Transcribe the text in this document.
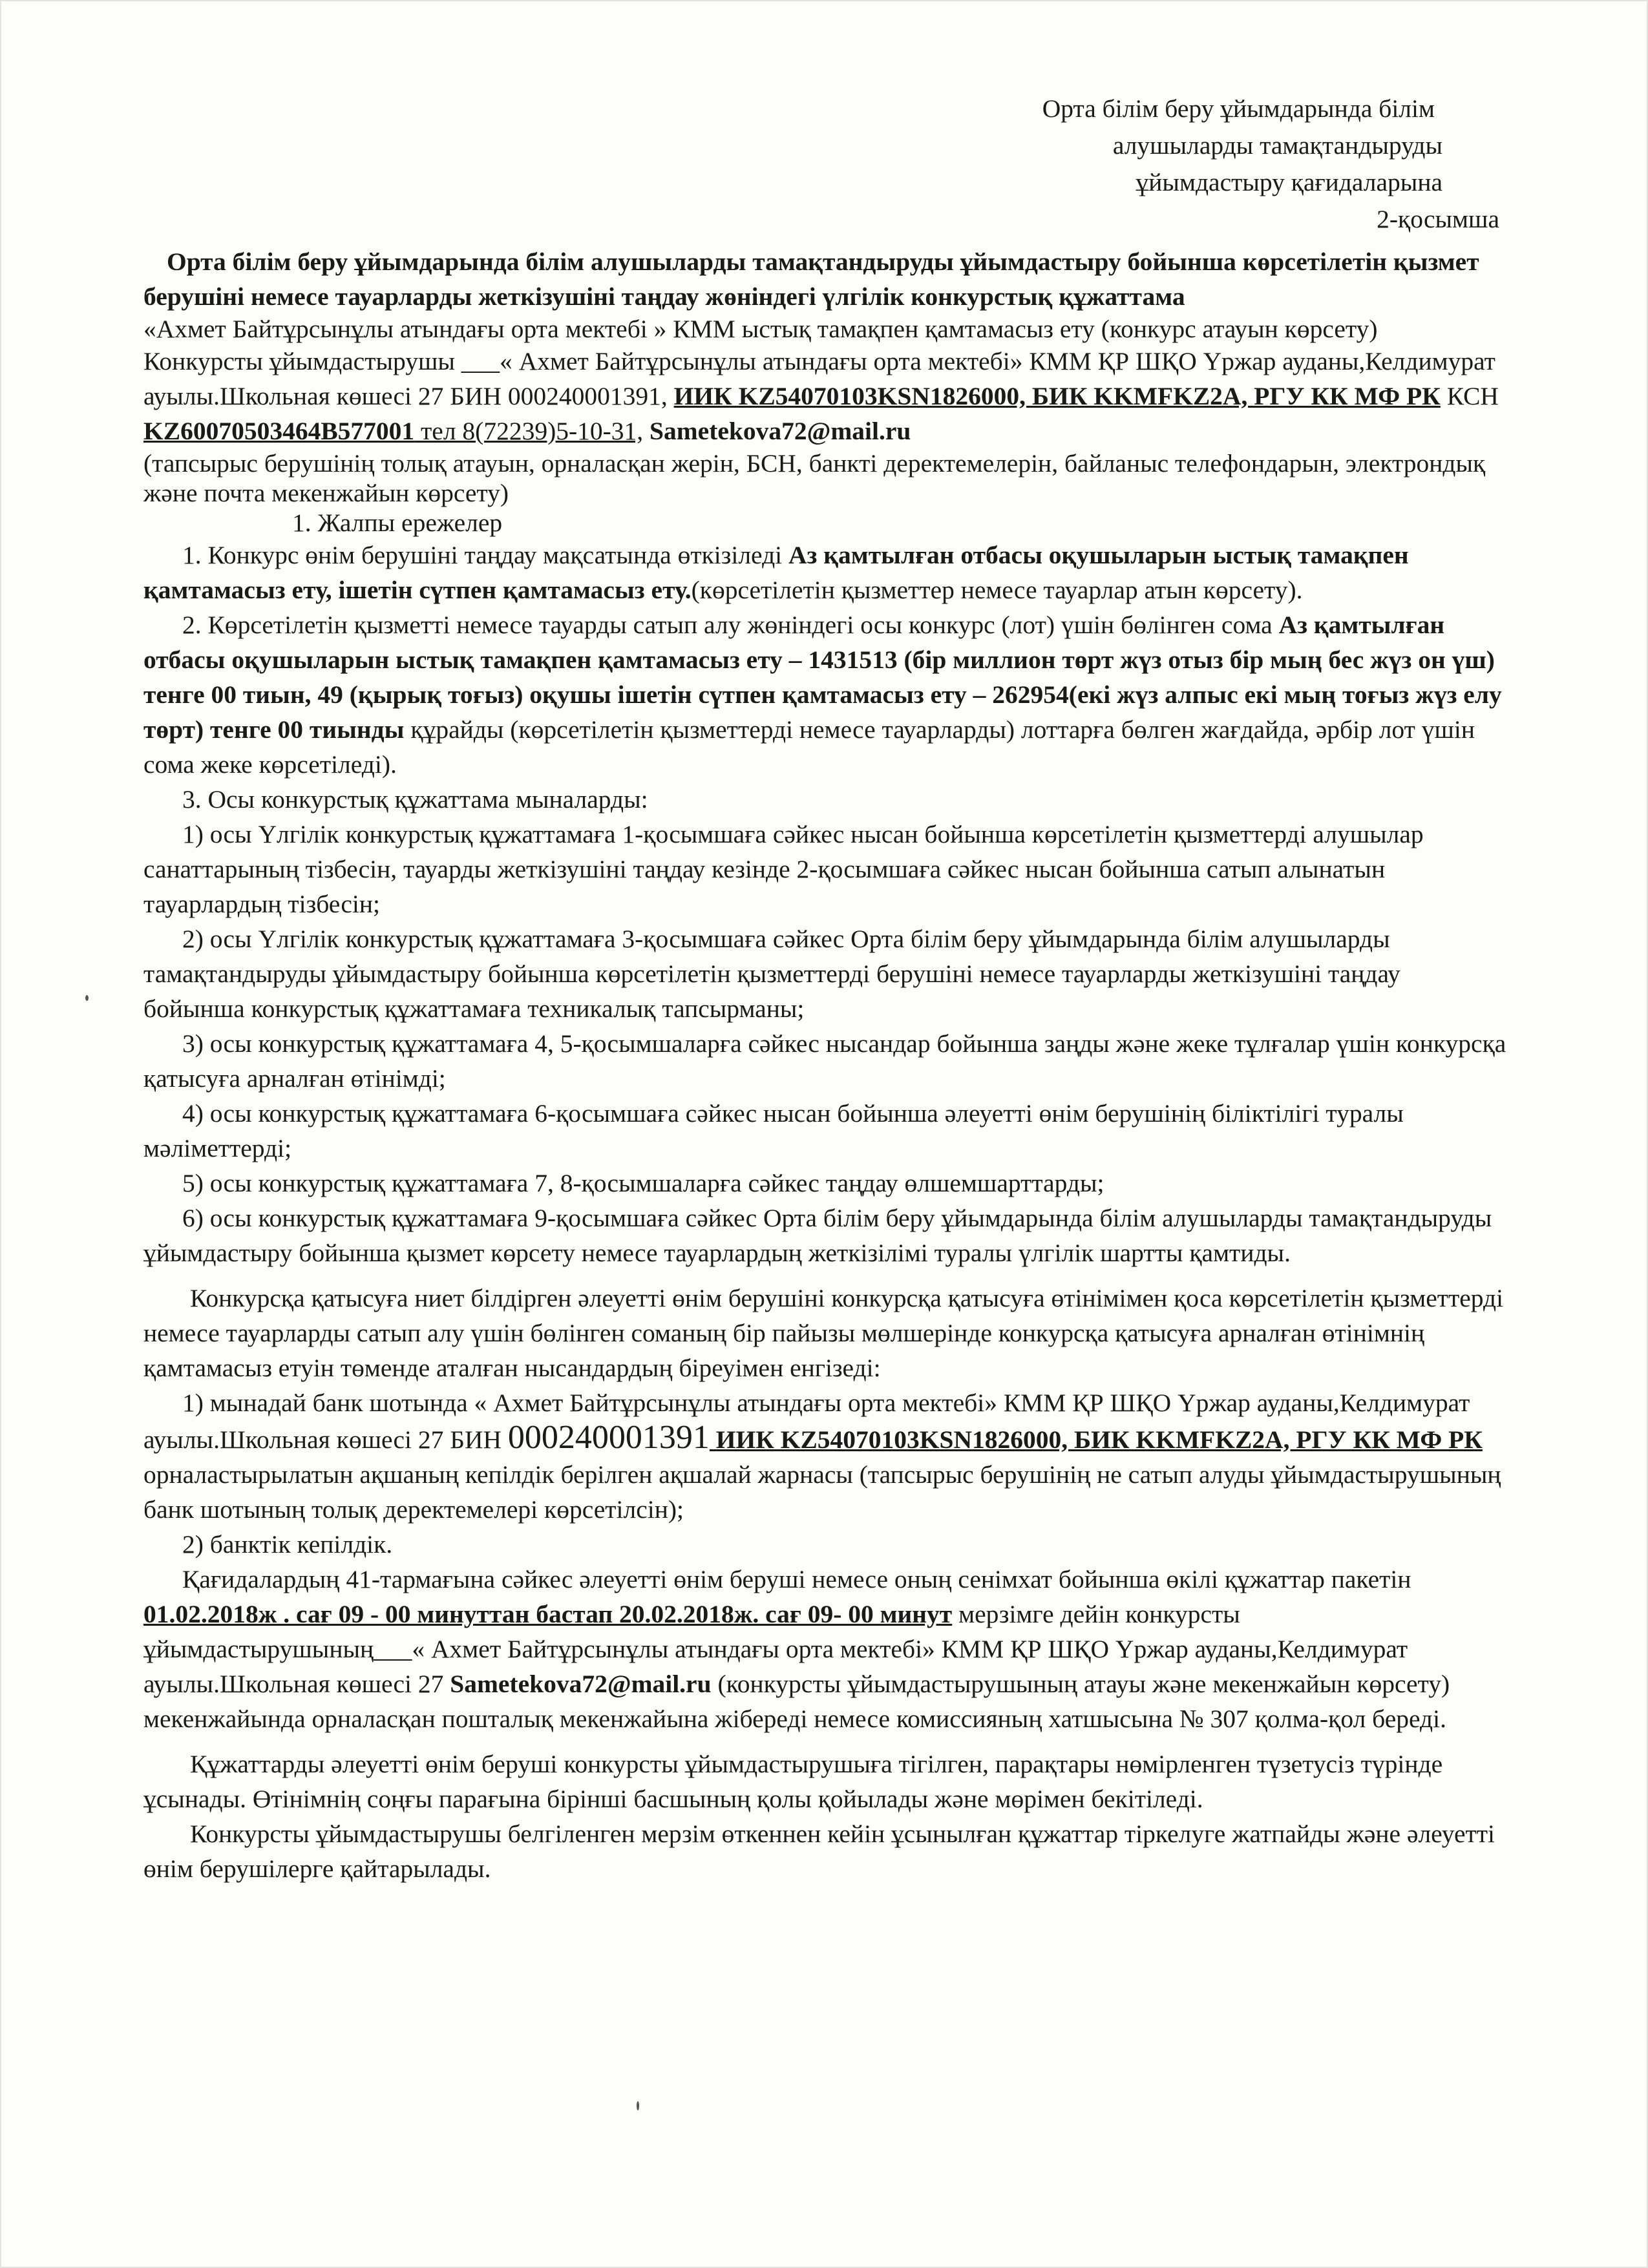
Орта білім беру ұйымдарында білім
алушыларды тамақтандыруды
ұйымдастыру қағидаларына
2-қосымша

Орта білім беру ұйымдарында білім алушыларды тамақтандыруды ұйымдастыру бойынша көрсетілетін қызмет берушіні немесе тауарларды жеткізушіні таңдау жөніндегі үлгілік конкурстық құжаттама

«Ахмет Байтұрсынұлы атындағы орта мектебі » КММ ыстық тамақпен қамтамасыз ету (конкурс атауын көрсету)

Конкурсты ұйымдастырушы ___« Ахмет Байтұрсынұлы атындағы орта мектебі» КММ ҚР ШҚО Үржар ауданы,Келдимурат ауылы.Школьная көшесі 27 БИН 000240001391, ИИК KZ54070103KSN1826000, БИК KKMFKZ2A, РГУ КК МФ РК КСН KZ60070503464B577001 тел 8(72239)5-10-31, Sametekova72@mail.ru

(тапсырыс берушінің толық атауын, орналасқан жерін, БСН, банкті деректемелерін, байланыс телефондарын, электрондық және почта мекенжайын көрсету)

1. Жалпы ережелер

1. Конкурс өнім берушіні таңдау мақсатында өткізіледі Аз қамтылған отбасы оқушыларын ыстық тамақпен қамтамасыз ету, ішетін сүтпен қамтамасыз ету.(көрсетілетін қызметтер немесе тауарлар атын көрсету).

2. Көрсетілетін қызметті немесе тауарды сатып алу жөніндегі осы конкурс (лот) үшін бөлінген сома Аз қамтылған отбасы оқушыларын ыстық тамақпен қамтамасыз ету – 1431513 (бір миллион төрт жүз отыз бір мың бес жүз он үш) тенге 00 тиын, 49 (қырық тоғыз) оқушы ішетін сүтпен қамтамасыз ету – 262954(екі жүз алпыс екі мың тоғыз жүз елу төрт) тенге 00 тиынды құрайды (көрсетілетін қызметтерді немесе тауарларды) лоттарға бөлген жағдайда, әрбір лот үшін сома жеке көрсетіледі).

3. Осы конкурстық құжаттама мыналарды:

1) осы Үлгілік конкурстық құжаттамаға 1-қосымшаға сәйкес нысан бойынша көрсетілетін қызметтерді алушылар санаттарының тізбесін, тауарды жеткізушіні таңдау кезінде 2-қосымшаға сәйкес нысан бойынша сатып алынатын тауарлардың тізбесін;

2) осы Үлгілік конкурстық құжаттамаға 3-қосымшаға сәйкес Орта білім беру ұйымдарында білім алушыларды тамақтандыруды ұйымдастыру бойынша көрсетілетін қызметтерді берушіні немесе тауарларды жеткізушіні таңдау бойынша конкурстық құжаттамаға техникалық тапсырманы;

3) осы конкурстық құжаттамаға 4, 5-қосымшаларға сәйкес нысандар бойынша заңды және жеке тұлғалар үшін конкурсқа қатысуға арналған өтінімді;

4) осы конкурстық құжаттамаға 6-қосымшаға сәйкес нысан бойынша әлеуетті өнім берушінің біліктілігі туралы мәліметтерді;

5) осы конкурстық құжаттамаға 7, 8-қосымшаларға сәйкес таңдау өлшемшарттарды;

6) осы конкурстық құжаттамаға 9-қосымшаға сәйкес Орта білім беру ұйымдарында білім алушыларды тамақтандыруды ұйымдастыру бойынша қызмет көрсету немесе тауарлардың жеткізілімі туралы үлгілік шартты қамтиды.

Конкурсқа қатысуға ниет білдірген әлеуетті өнім берушіні конкурсқа қатысуға өтінімімен қоса көрсетілетін қызметтерді немесе тауарларды сатып алу үшін бөлінген соманың бір пайызы мөлшерінде конкурсқа қатысуға арналған өтінімнің қамтамасыз етуін төменде аталған нысандардың біреуімен енгізеді:

1) мынадай банк шотында « Ахмет Байтұрсынұлы атындағы орта мектебі» КММ ҚР ШҚО Үржар ауданы,Келдимурат ауылы.Школьная көшесі 27 БИН 000240001391 ИИК KZ54070103KSN1826000, БИК KKMFKZ2A, РГУ КК МФ РК орналастырылатын ақшаның кепілдік берілген ақшалай жарнасы (тапсырыс берушінің не сатып алуды ұйымдастырушының банк шотының толық деректемелері көрсетілсін);

2) банктік кепілдік.

Қағидалардың 41-тармағына сәйкес әлеуетті өнім беруші немесе оның сенімхат бойынша өкілі құжаттар пакетін 01.02.2018ж . сағ 09 - 00 минуттан бастап 20.02.2018ж. сағ 09- 00 минут мерзімге дейін конкурсты ұйымдастырушының___« Ахмет Байтұрсынұлы атындағы орта мектебі» КММ ҚР ШҚО Үржар ауданы,Келдимурат ауылы.Школьная көшесі 27 Sametekova72@mail.ru (конкурсты ұйымдастырушының атауы және мекенжайын көрсету) мекенжайында орналасқан пошталық мекенжайына жібереді немесе комиссияның хатшысына № 307 қолма-қол береді.

Құжаттарды әлеуетті өнім беруші конкурсты ұйымдастырушыға тігілген, парақтары нөмірленген түзетусіз түрінде ұсынады. Өтінімнің соңғы парағына бірінші басшының қолы қойылады және мөрімен бекітіледі.

Конкурсты ұйымдастырушы белгіленген мерзім өткеннен кейін ұсынылған құжаттар тіркелуге жатпайды және әлеуетті өнім берушілерге қайтарылады.
